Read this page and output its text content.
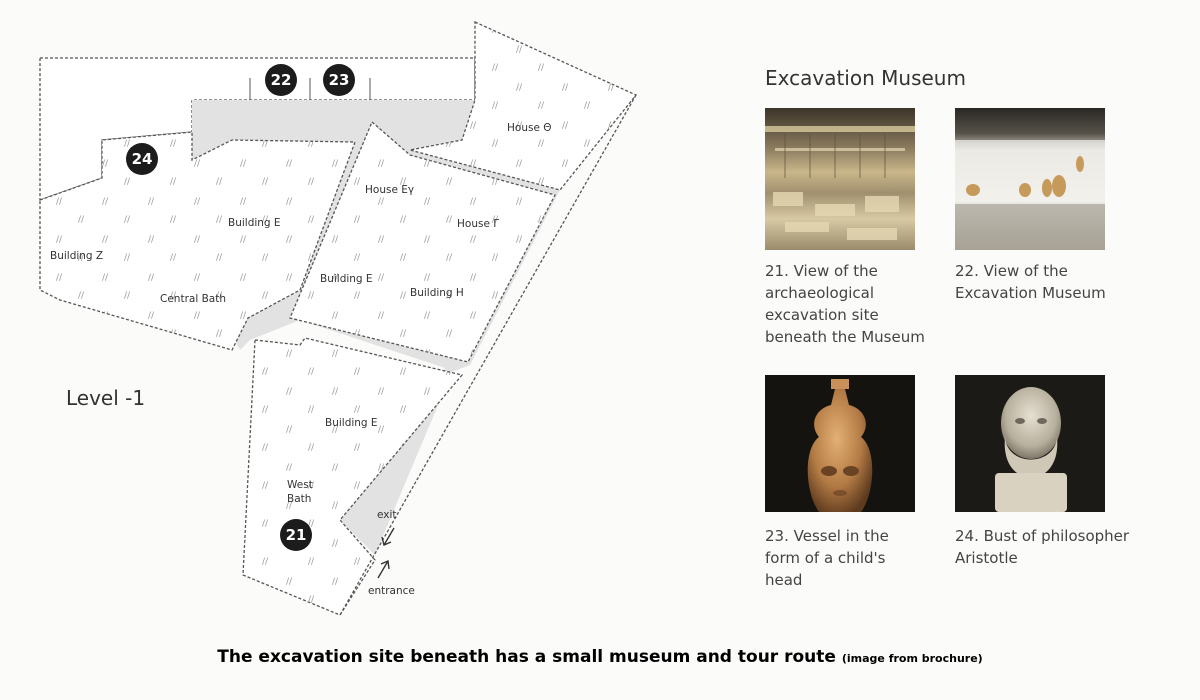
House Θ
House Εγ
House Γ
Building E
Building Z
Central Bath
Building E
Building H
Building E
West
Bath
exit
entrance
22 23
24
21
Level -1
Excavation Museum
21. View of the
archaeological
excavation site
beneath the Museum
22. View of the
Excavation Museum
23. Vessel in the
form of a child's
head
24. Bust of philosopher
Aristotle
The excavation site beneath has a small museum and tour route (image from brochure)
